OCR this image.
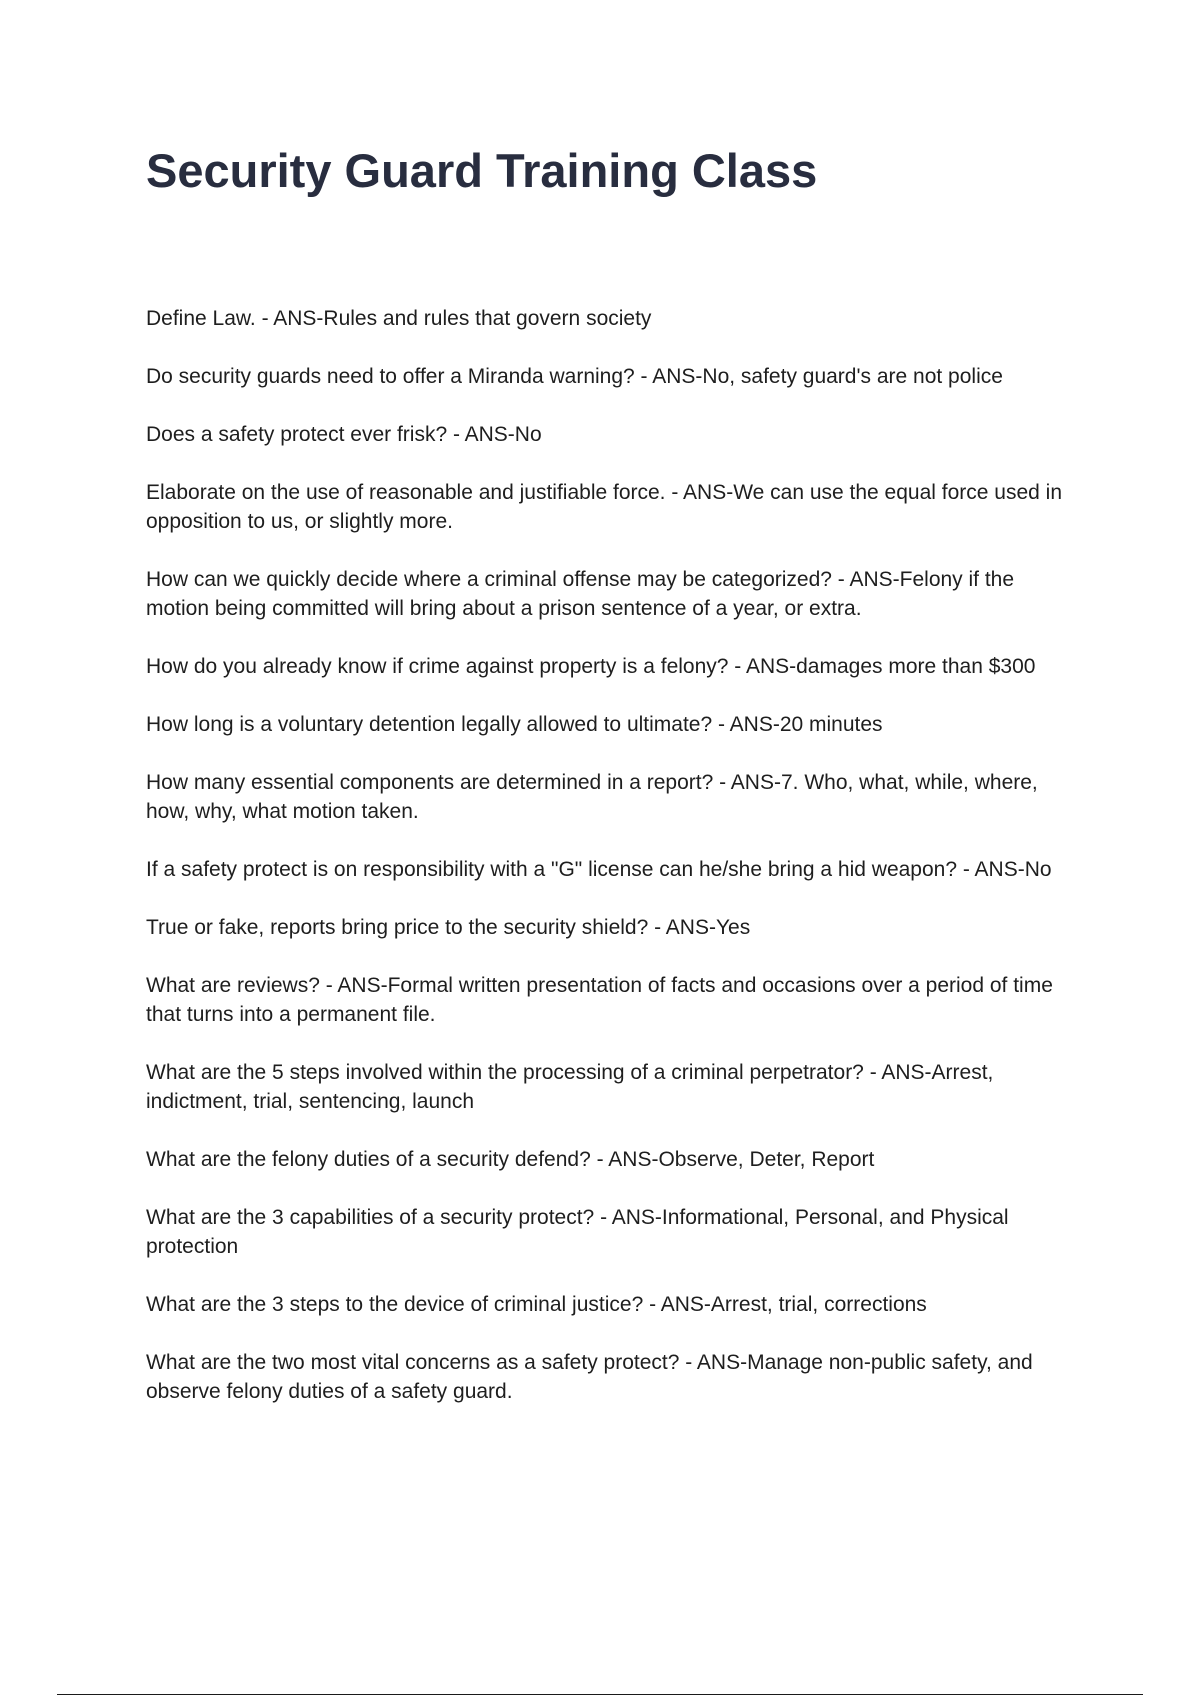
Security Guard Training Class
Define Law. - ANS-Rules and rules that govern society
Do security guards need to offer a Miranda warning? - ANS-No, safety guard's are not police
Does a safety protect ever frisk? - ANS-No
Elaborate on the use of reasonable and justifiable force. - ANS-We can use the equal force used in opposition to us, or slightly more.
How can we quickly decide where a criminal offense may be categorized? - ANS-Felony if the motion being committed will bring about a prison sentence of a year, or extra.
How do you already know if crime against property is a felony? - ANS-damages more than $300
How long is a voluntary detention legally allowed to ultimate? - ANS-20 minutes
How many essential components are determined in a report? - ANS-7. Who, what, while, where, how, why, what motion taken.
If a safety protect is on responsibility with a "G" license can he/she bring a hid weapon? - ANS-No
True or fake, reports bring price to the security shield? - ANS-Yes
What are reviews? - ANS-Formal written presentation of facts and occasions over a period of time that turns into a permanent file.
What are the 5 steps involved within the processing of a criminal perpetrator? - ANS-Arrest, indictment, trial, sentencing, launch
What are the felony duties of a security defend? - ANS-Observe, Deter, Report
What are the 3 capabilities of a security protect? - ANS-Informational, Personal, and Physical protection
What are the 3 steps to the device of criminal justice? - ANS-Arrest, trial, corrections
What are the two most vital concerns as a safety protect? - ANS-Manage non-public safety, and observe felony duties of a safety guard.
